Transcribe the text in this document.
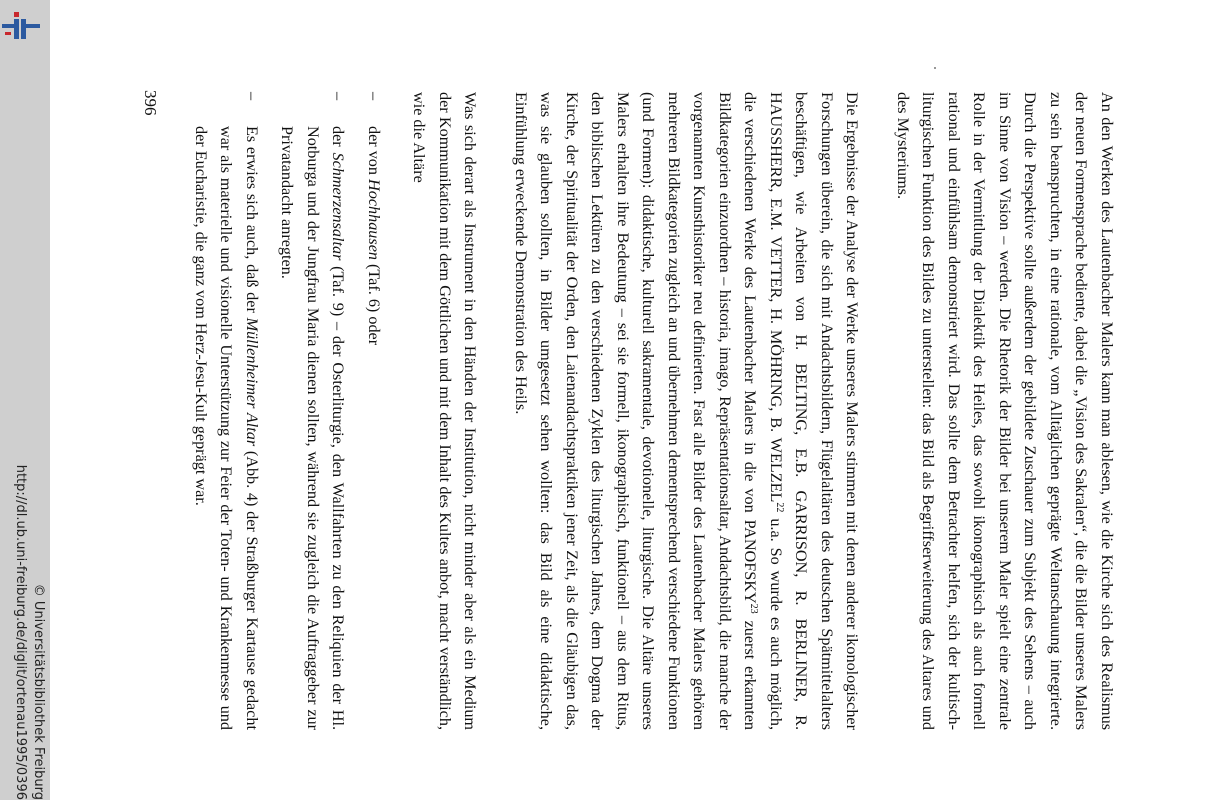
http://dl.ub.uni-freiburg.de/diglit/ortenau1995/0396 © Universitätsbibliothek Freiburg	An den Werken des Lautenbacher Malers kann man ablesen, wie die Kirche sich des Realismus der neuen Formensprache bediente, dabei die „Vision des Sakralen“, die die Bilder unseres Malers zu sein beanspruchten, in eine rationale, vom Alltäglichen geprägte Weltanschauung integrierte. Durch die Perspektive sollte außerdem der gebildete Zuschauer zum Subjekt des Sehens – auch im Sinne von Vision – werden. Die Rhetorik der Bilder bei unserem Maler spielt eine zentrale Rolle in der Vermittlung der Dialektik des Heiles, das sowohl ikonographisch als auch formell rational und einfühlsam demonstriert wird. Das sollte dem Betrachter helfen, sich der kultisch-liturgischen Funktion des Bildes zu unterstellen: das Bild als Begriffserweiterung des Altares und des Mysteriums.

Die Ergebnisse der Analyse der Werke unseres Malers stimmen mit denen anderer ikonologischer Forschungen überein, die sich mit Andachtsbildern, Flügelaltären des deutschen Spätmittelalters beschäftigen, wie Arbeiten von H. BELTING, E.B. GARRISON, R. BERLINER, R. HAUSSHERR, E.M. VETTER, H. MÖHRING, B. WELZEL$^{22}$ u.a. So wurde es auch möglich, die verschiedenen Werke des Lautenbacher Malers in die von PANOFSKY$^{23}$ zuerst erkannten Bildkategorien einzuordnen – historia, imago, Repräsentationsaltar, Andachtsbild, die manche der vorgenannten Kunsthistoriker neu definierten. Fast alle Bilder des Lautenbacher Malers gehören mehreren Bildkategorien zugleich an und übernehmen dementsprechend verschiedene Funktionen (und Formen): didaktische, kulturell sakramentale, devotionelle, liturgische. Die Altäre unseres Malers erhalten ihre Bedeutung – sei sie formell, ikonographisch, funktionell – aus dem Ritus, den biblischen Lektüren zu den verschiedenen Zyklen des liturgischen Jahres, dem Dogma der Kirche, der Spiritualität der Orden, den Laienandachtspraktiken jener Zeit, als die Gläubigen das, was sie glauben sollten, in Bilder umgesetzt sehen wollten: das Bild als eine didaktische, Einfühlung erweckende Demonstration des Heils.

Was sich derart als Instrument in den Händen der Institution, nicht minder aber als ein Medium der Kommunikation mit dem Göttlichen und mit dem Inhalt des Kultes anbot, macht verständlich, wie die Altäre

–
der von Hochhausen (Taf. 6) oder
–
der Schmerzensaltar (Taf. 9) – der Osterliturgie, den Wallfahrten zu den Reliquien der Hl. Notburga und der Jungfrau Maria dienen sollten, während sie zugleich die Auftraggeber zur Privatandacht anregten.
–
Es erwies sich auch, daß der Müllenheimer Altar (Abb. 4) der Straßburger Kartause gedacht war als materielle und visionelle Unterstützung zur Feier der Toten- und Krankenmesse und der Eucharistie, die ganz vom Herz-Jesu-Kult geprägt war.
396
